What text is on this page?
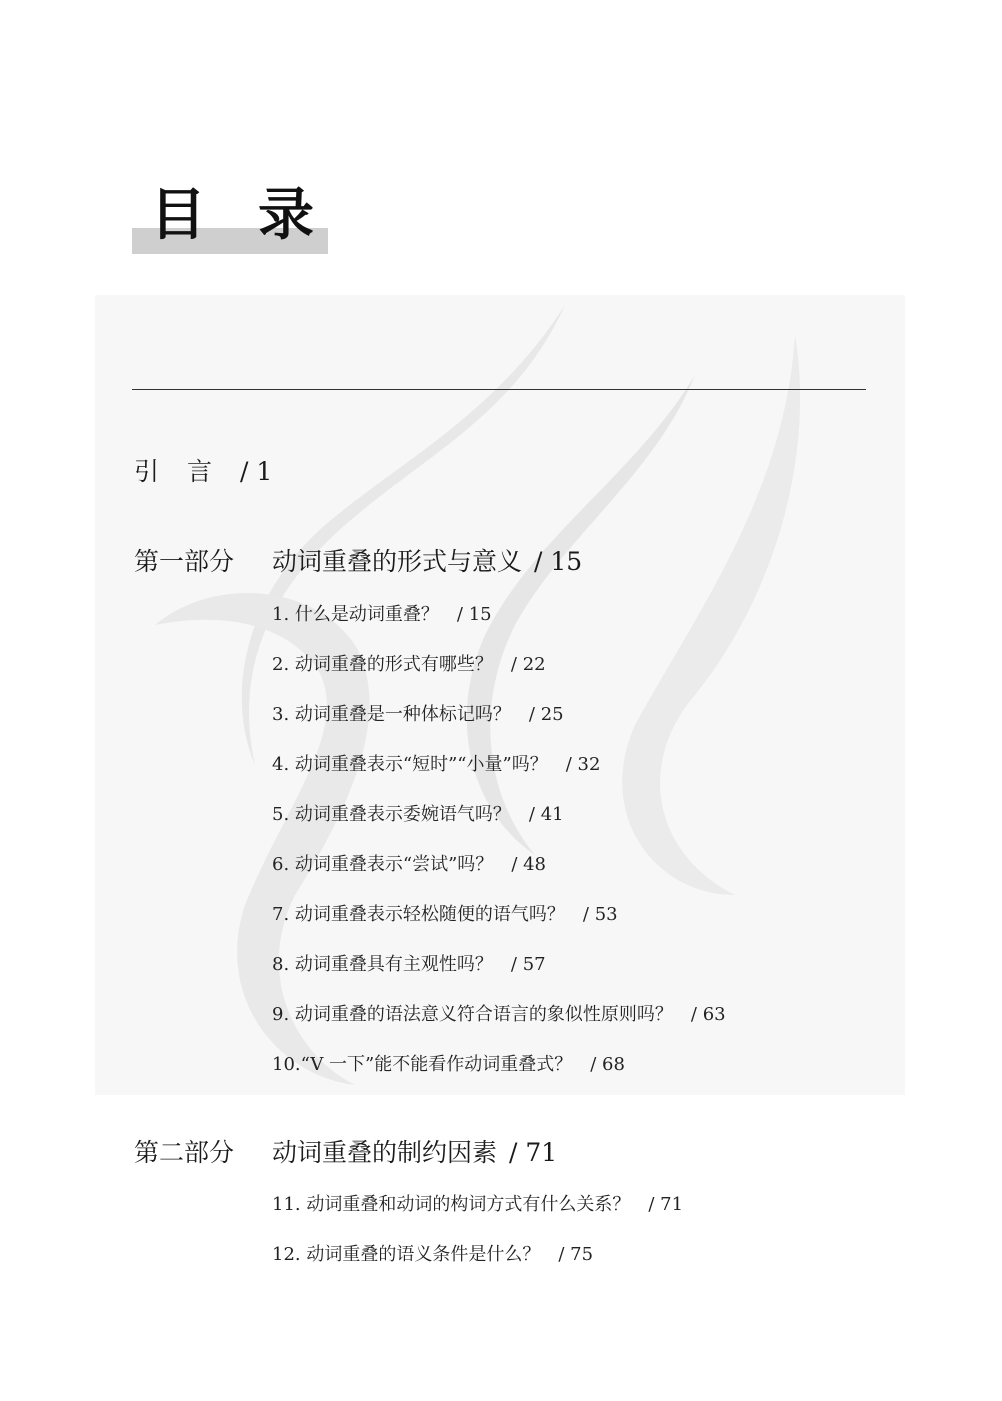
目录
引言/ 1
第一部分 动词重叠的形式与意义 / 15
1. 什么是动词重叠？ / 15
2. 动词重叠的形式有哪些？ / 22
3. 动词重叠是一种体标记吗？ / 25
4. 动词重叠表示“短时”“小量”吗？ / 32
5. 动词重叠表示委婉语气吗？ / 41
6. 动词重叠表示“尝试”吗？ / 48
7. 动词重叠表示轻松随便的语气吗？ / 53
8. 动词重叠具有主观性吗？ / 57
9. 动词重叠的语法意义符合语言的象似性原则吗？ / 63
10.“V 一下”能不能看作动词重叠式？ / 68
第二部分 动词重叠的制约因素 / 71
11. 动词重叠和动词的构词方式有什么关系？ / 71
12. 动词重叠的语义条件是什么？ / 75
